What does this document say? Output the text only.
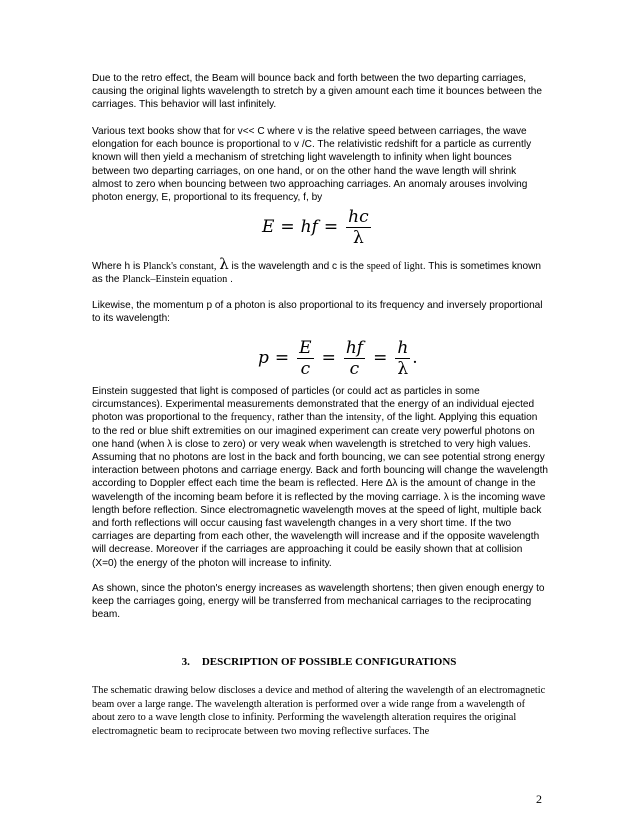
Due to the retro effect, the Beam will bounce back and forth between the two departing carriages, causing the original lights wavelength to stretch by a given amount each time it bounces between the carriages. This behavior will last infinitely.

Various text books show that for v<< C where v is the relative speed between carriages, the wave elongation for each bounce is proportional to v /C. The relativistic redshift for a particle as currently known will then yield a mechanism of stretching light wavelength to infinity when light bounces between two departing carriages, on one hand, or on the other hand the wave length will shrink almost to zero when bouncing between two approaching carriages. An anomaly arouses involving photon energy, E, proportional to its frequency, f, by

E = hf = $\frac{hc}{\lambda}$

Where h is Planck's constant, λ is the wavelength and c is the speed of light. This is sometimes known as the Planck–Einstein equation .

Likewise, the momentum p of a photon is also proportional to its frequency and inversely proportional to its wavelength:

$p = \frac{E}{c} = \frac{hf}{c} = \frac{h}{\lambda}$ .

Einstein suggested that light is composed of particles (or could act as particles in some circumstances). Experimental measurements demonstrated that the energy of an individual ejected photon was proportional to the frequency, rather than the intensity, of the light. Applying this equation to the red or blue shift extremities on our imagined experiment can create very powerful photons on one hand (when λ is close to zero) or very weak when wavelength is stretched to very high values. Assuming that no photons are lost in the back and forth bouncing, we can see potential strong energy interaction between photons and carriage energy. Back and forth bouncing will change the wavelength according to Doppler effect each time the beam is reflected. Here Δλ is the amount of change in the wavelength of the incoming beam before it is reflected by the moving carriage. λ is the incoming wave length before reflection. Since electromagnetic wavelength moves at the speed of light, multiple back and forth reflections will occur causing fast wavelength changes in a very short time. If the two carriages are departing from each other, the wavelength will increase and if the opposite wavelength will decrease. Moreover if the carriages are approaching it could be easily shown that at collision (X=0) the energy of the photon will increase to infinity.

As shown, since the photon's energy increases as wavelength shortens; then given enough energy to keep the carriages going, energy will be transferred from mechanical carriages to the reciprocating beam.

3. DESCRIPTION OF POSSIBLE CONFIGURATIONS

The schematic drawing below discloses a device and method of altering the wavelength of an electromagnetic beam over a large range. The wavelength alteration is performed over a wide range from a wavelength of about zero to a wave length close to infinity. Performing the wavelength alteration requires the original electromagnetic beam to reciprocate between two moving reflective surfaces. The

2
